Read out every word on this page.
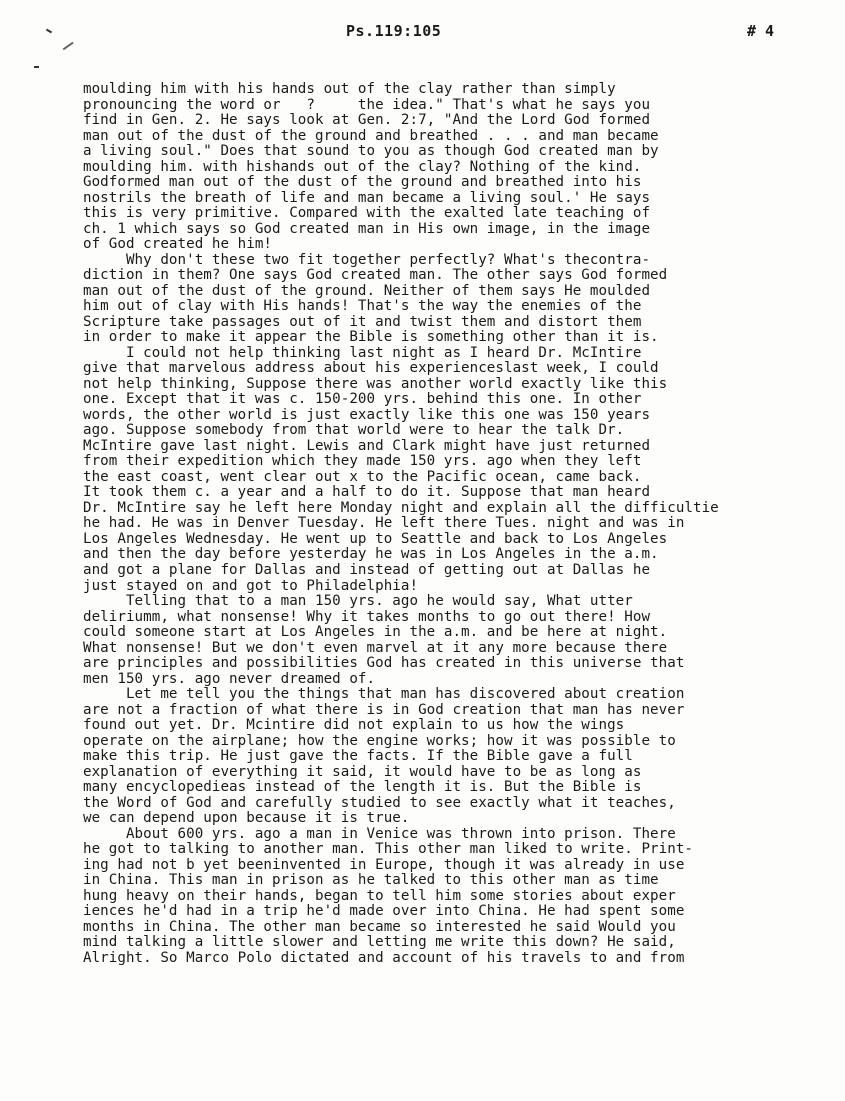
Ps.119:105	# 4
moulding him with his hands out of the clay rather than simply
pronouncing the word or   ?     the idea." That's what he says you
find in Gen. 2. He says look at Gen. 2:7, "And the Lord God formed
man out of the dust of the ground and breathed . . . and man became
a living soul." Does that sound to you as though God created man by
moulding him. with hishands out of the clay? Nothing of the kind.
Godformed man out of the dust of the ground and breathed into his
nostrils the breath of life and man became a living soul.' He says
this is very primitive. Compared with the exalted late teaching of
ch. 1 which says so God created man in His own image, in the image
of God created he him!
Why don't these two fit together perfectly? What's thecontra-
diction in them? One says God created man. The other says God formed
man out of the dust of the ground. Neither of them says He moulded
him out of clay with His hands! That's the way the enemies of the
Scripture take passages out of it and twist them and distort them
in order to make it appear the Bible is something other than it is.
I could not help thinking last night as I heard Dr. McIntire
give that marvelous address about his experienceslast week, I could
not help thinking, Suppose there was another world exactly like this
one. Except that it was c. 150-200 yrs. behind this one. In other
words, the other world is just exactly like this one was 150 years
ago. Suppose somebody from that world were to hear the talk Dr.
McIntire gave last night. Lewis and Clark might have just returned
from their expedition which they made 150 yrs. ago when they left
the east coast, went clear out x to the Pacific ocean, came back.
It took them c. a year and a half to do it. Suppose that man heard
Dr. McIntire say he left here Monday night and explain all the difficultie
he had. He was in Denver Tuesday. He left there Tues. night and was in
Los Angeles Wednesday. He went up to Seattle and back to Los Angeles
and then the day before yesterday he was in Los Angeles in the a.m.
and got a plane for Dallas and instead of getting out at Dallas he
just stayed on and got to Philadelphia!
Telling that to a man 150 yrs. ago he would say, What utter
deliriumm, what nonsense! Why it takes months to go out there! How
could someone start at Los Angeles in the a.m. and be here at night.
What nonsense! But we don't even marvel at it any more because there
are principles and possibilities God has created in this universe that
men 150 yrs. ago never dreamed of.
Let me tell you the things that man has discovered about creation
are not a fraction of what there is in God creation that man has never
found out yet. Dr. Mcintire did not explain to us how the wings
operate on the airplane; how the engine works; how it was possible to
make this trip. He just gave the facts. If the Bible gave a full
explanation of everything it said, it would have to be as long as
many encyclopedieas instead of the length it is. But the Bible is
the Word of God and carefully studied to see exactly what it teaches,
we can depend upon because it is true.
About 600 yrs. ago a man in Venice was thrown into prison. There
he got to talking to another man. This other man liked to write. Print-
ing had not b yet beeninvented in Europe, though it was already in use
in China. This man in prison as he talked to this other man as time
hung heavy on their hands, began to tell him some stories about exper
iences he'd had in a trip he'd made over into China. He had spent some
months in China. The other man became so interested he said Would you
mind talking a little slower and letting me write this down? He said,
Alright. So Marco Polo dictated and account of his travels to and from
